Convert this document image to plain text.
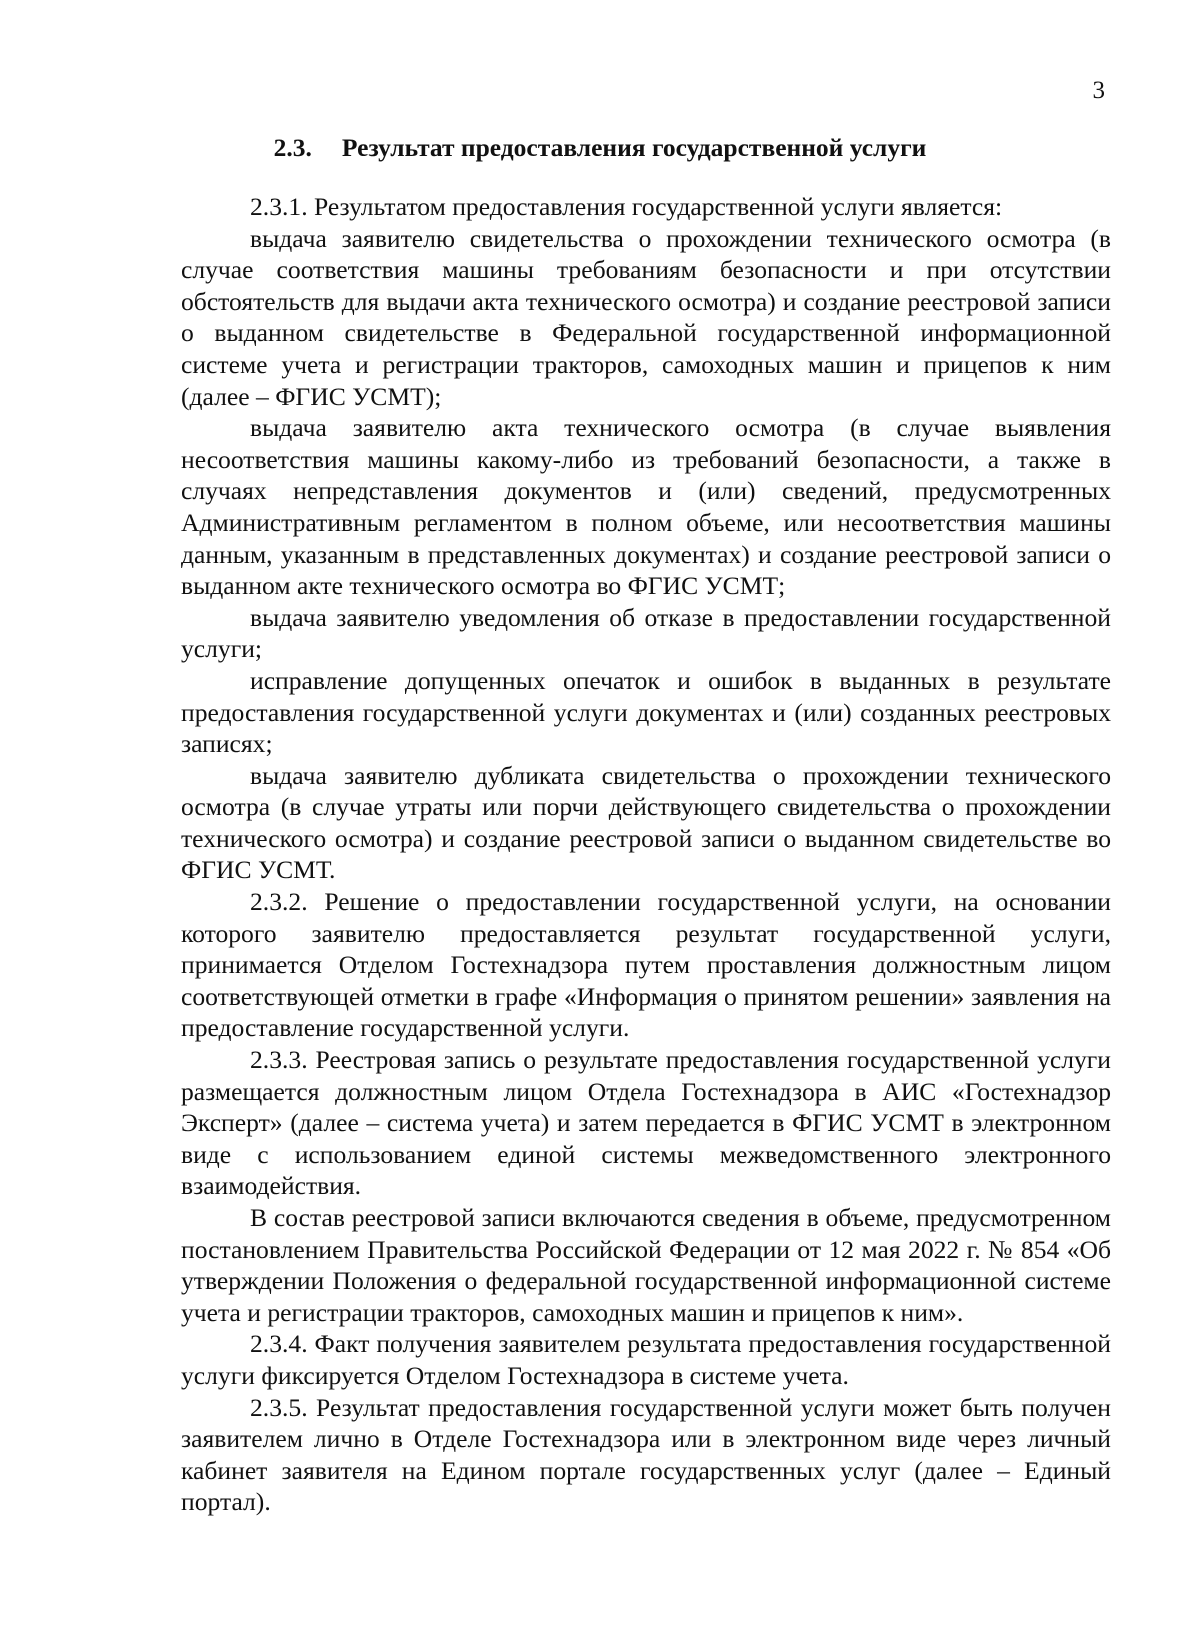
3
2.3. Результат предоставления государственной услуги

2.3.1. Результатом предоставления государственной услуги является:

выдача заявителю свидетельства о прохождении технического осмотра (в случае соответствия машины требованиям безопасности и при отсутствии обстоятельств для выдачи акта технического осмотра) и создание реестровой записи о выданном свидетельстве в Федеральной государственной информационной системе учета и регистрации тракторов, самоходных машин и прицепов к ним (далее – ФГИС УСМТ);

выдача заявителю акта технического осмотра (в случае выявления несоответствия машины какому-либо из требований безопасности, а также в случаях непредставления документов и (или) сведений, предусмотренных Административным регламентом в полном объеме, или несоответствия машины данным, указанным в представленных документах) и создание реестровой записи о выданном акте технического осмотра во ФГИС УСМТ;

выдача заявителю уведомления об отказе в предоставлении государственной услуги;

исправление допущенных опечаток и ошибок в выданных в результате предоставления государственной услуги документах и (или) созданных реестровых записях;

выдача заявителю дубликата свидетельства о прохождении технического осмотра (в случае утраты или порчи действующего свидетельства о прохождении технического осмотра) и создание реестровой записи о выданном свидетельстве во ФГИС УСМТ.

2.3.2. Решение о предоставлении государственной услуги, на основании которого заявителю предоставляется результат государственной услуги, принимается Отделом Гостехнадзора путем проставления должностным лицом соответствующей отметки в графе «Информация о принятом решении» заявления на предоставление государственной услуги.

2.3.3. Реестровая запись о результате предоставления государственной услуги размещается должностным лицом Отдела Гостехнадзора в АИС «Гостехнадзор Эксперт» (далее – система учета) и затем передается в ФГИС УСМТ в электронном виде с использованием единой системы межведомственного электронного взаимодействия.

В состав реестровой записи включаются сведения в объеме, предусмотренном постановлением Правительства Российской Федерации от 12 мая 2022 г. № 854 «Об утверждении Положения о федеральной государственной информационной системе учета и регистрации тракторов, самоходных машин и прицепов к ним».

2.3.4. Факт получения заявителем результата предоставления государственной услуги фиксируется Отделом Гостехнадзора в системе учета.

2.3.5. Результат предоставления государственной услуги может быть получен заявителем лично в Отделе Гостехнадзора или в электронном виде через личный кабинет заявителя на Едином портале государственных услуг (далее – Единый портал).
